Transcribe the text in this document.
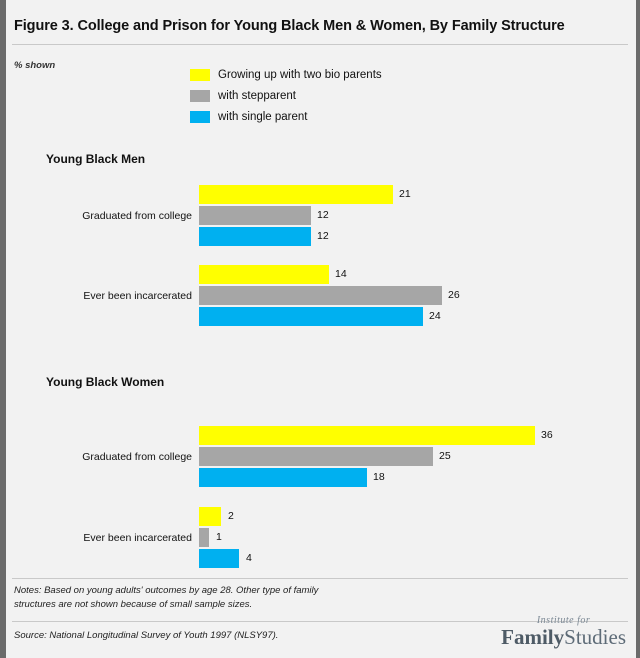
Figure 3. College and Prison for Young Black Men & Women, By Family Structure
% shown
Growing up with two bio parents
with stepparent
with single parent
Young Black Men
Graduated from college
21
12
12
Ever been incarcerated
14
26
24
Young Black Women
Graduated from college
36
25
18
Ever been incarcerated
2
1
4
Notes: Based on young adults' outcomes by age 28. Other type of family structures are not shown because of small sample sizes.
Source: National Longitudinal Survey of Youth 1997 (NLSY97).
Institute for
FamilyStudies
